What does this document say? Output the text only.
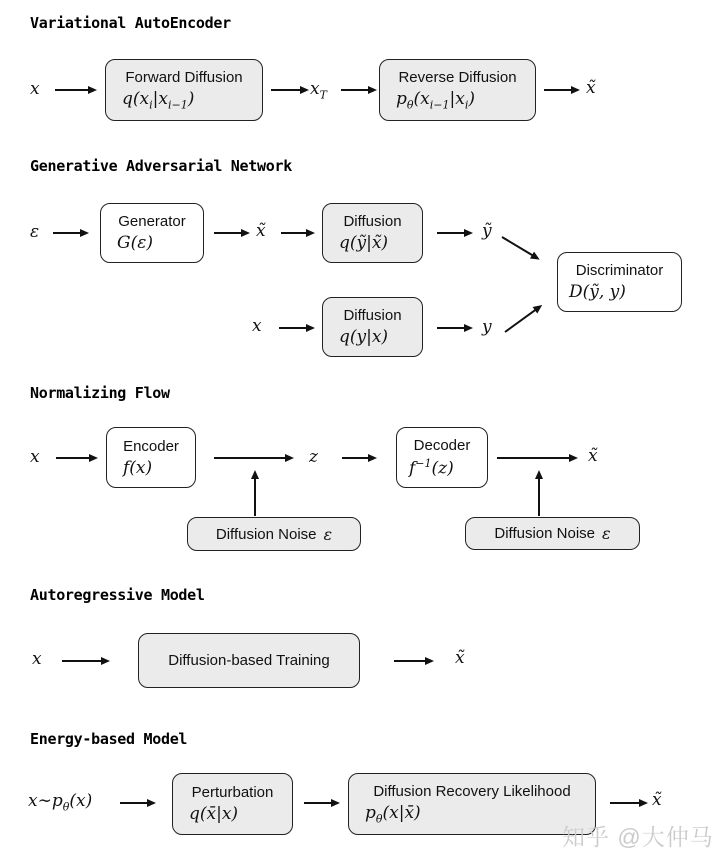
Variational AutoEncoder
x
Forward Diffusion
$q(x_i|x_{i-1})$	$x_T$
Reverse Diffusion
$p_\theta(x_{i-1}|x_i)$
x̃
Generative Adversarial Network
ε
Generator
G(ε)
x̃	Diffusion
q(ỹ|x̃)
ỹ
x
Diffusion
q(y|x)	y
Discriminator
D(ỹ, y)
Normalizing Flow
x
Encoder
f(x)
z
Decoder
$f^{-1}(z)$
x̃
Diffusion Noise ε	Diffusion Noise ε
Autoregressive Model
x	Diffusion-based Training	x̃
Energy-based Model
$x\sim p_\theta(x)$	Perturbation
q(x̄|x)
Diffusion Recovery Likelihood
$p_\theta(x|x̄)$
x̃
知乎 @大仲马
